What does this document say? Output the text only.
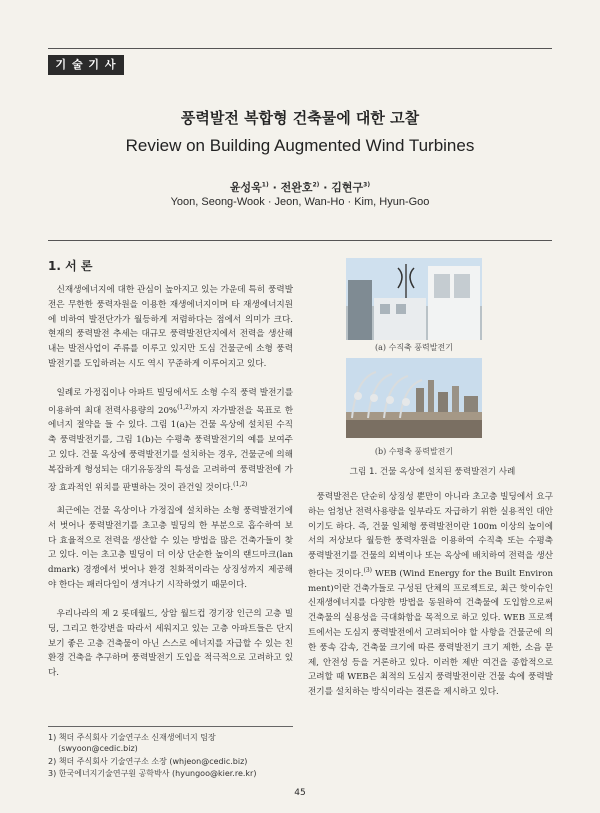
기 술 기 사
풍력발전 복합형 건축물에 대한 고찰
Review on Building Augmented Wind Turbines
윤성욱$^{1)}$ · 전완호$^{2)}$ · 김현구$^{3)}$
Yoon, Seong-Wook · Jeon, Wan-Ho · Kim, Hyun-Goo
1. 서 론

신재생에너지에 대한 관심이 높아지고 있는 가운데 특히 풍력발전은 무한한 풍력자원을 이용한 재생에너지이며 타 재생에너지원에 비하여 발전단가가 월등하게 저렴하다는 점에서 의미가 크다. 현재의 풍력발전 추세는 대규모 풍력발전단지에서 전력을 생산해 내는 발전사업이 주류를 이루고 있지만 도심 건물군에 소형 풍력발전기를 도입하려는 시도 역시 꾸준하게 이루어지고 있다.

일례로 가정집이나 아파트 빌딩에서도 소형 수직 풍력 발전기를 이용하여 최대 전력사용량의 20%$^{(1,2)}$까지 자가발전을 목표로 한 에너지 절약을 들 수 있다. 그림 1(a)는 건물 옥상에 설치된 수직축 풍력발전기를, 그림 1(b)는 수평축 풍력발전기의 예를 보여주고 있다. 건물 옥상에 풍력발전기를 설치하는 경우, 건물군에 의해 복잡하게 형성되는 대기유동장의 특성을 고려하여 풍력발전에 가장 효과적인 위치를 판별하는 것이 관건일 것이다.$^{(1,2)}$

최근에는 건물 옥상이나 가정집에 설치하는 소형 풍력발전기에서 벗어나 풍력발전기를 초고층 빌딩의 한 부분으로 흡수하여 보다 효율적으로 전력을 생산할 수 있는 방법을 많은 건축가들이 찾고 있다. 이는 초고층 빌딩이 더 이상 단순한 높이의 랜드마크(landmark) 경쟁에서 벗어나 환경 친화적이라는 상징성까지 제공해야 한다는 패러다임이 생겨나기 시작하였기 때문이다.

우리나라의 제 2 롯데월드, 상암 월드컵 경기장 인근의 고층 빌딩, 그리고 한강변을 따라서 세워지고 있는 고층 아파트들은 단지 보기 좋은 고층 건축물이 아닌 스스로 에너지를 자급할 수 있는 친환경 건축을 추구하며 풍력발전기 도입을 적극적으로 고려하고 있다.

(a) 수직축 풍력발전기
(b) 수평축 풍력발전기
그림 1. 건물 옥상에 설치된 풍력발전기 사례

풍력발전은 단순히 상징성 뿐만이 아니라 초고층 빌딩에서 요구하는 엄청난 전력사용량을 일부라도 자급하기 위한 실용적인 대안이기도 하다. 즉, 건물 일체형 풍력발전이란 100m 이상의 높이에서의 저상보다 월등한 풍력자원을 이용하여 수직축 또는 수평축 풍력발전기를 건물의 외벽이나 또는 옥상에 배치하여 전력을 생산한다는 것이다.$^{(3)}$ WEB (Wind Energy for the Built Environment)이란 건축가들로 구성된 단체의 프로젝트로, 최근 핫이슈인 신재생에너지를 다양한 방법을 동원하여 건축물에 도입함으로써 건축물의 실용성을 극대화함을 목적으로 하고 있다. WEB 프로젝트에서는 도심지 풍력발전에서 고려되어야 할 사항을 건물군에 의한 풍속 감속, 건축물 크기에 따른 풍력발전기 크기 제한, 소음 문제, 안전성 등을 거론하고 있다. 이러한 제반 여건을 종합적으로 고려할 때 WEB은 최적의 도심지 풍력발전이란 건물 속에 풍력발전기를 설치하는 방식이라는 결론을 제시하고 있다.

1) 책더 주식회사 기술연구소 신재생에너지 팀장
(swyoon@cedic.biz)
2) 책더 주식회사 기술연구소 소장 (whjeon@cedic.biz)
3) 한국에너지기술연구원 공학박사 (hyungoo@kier.re.kr)
45
